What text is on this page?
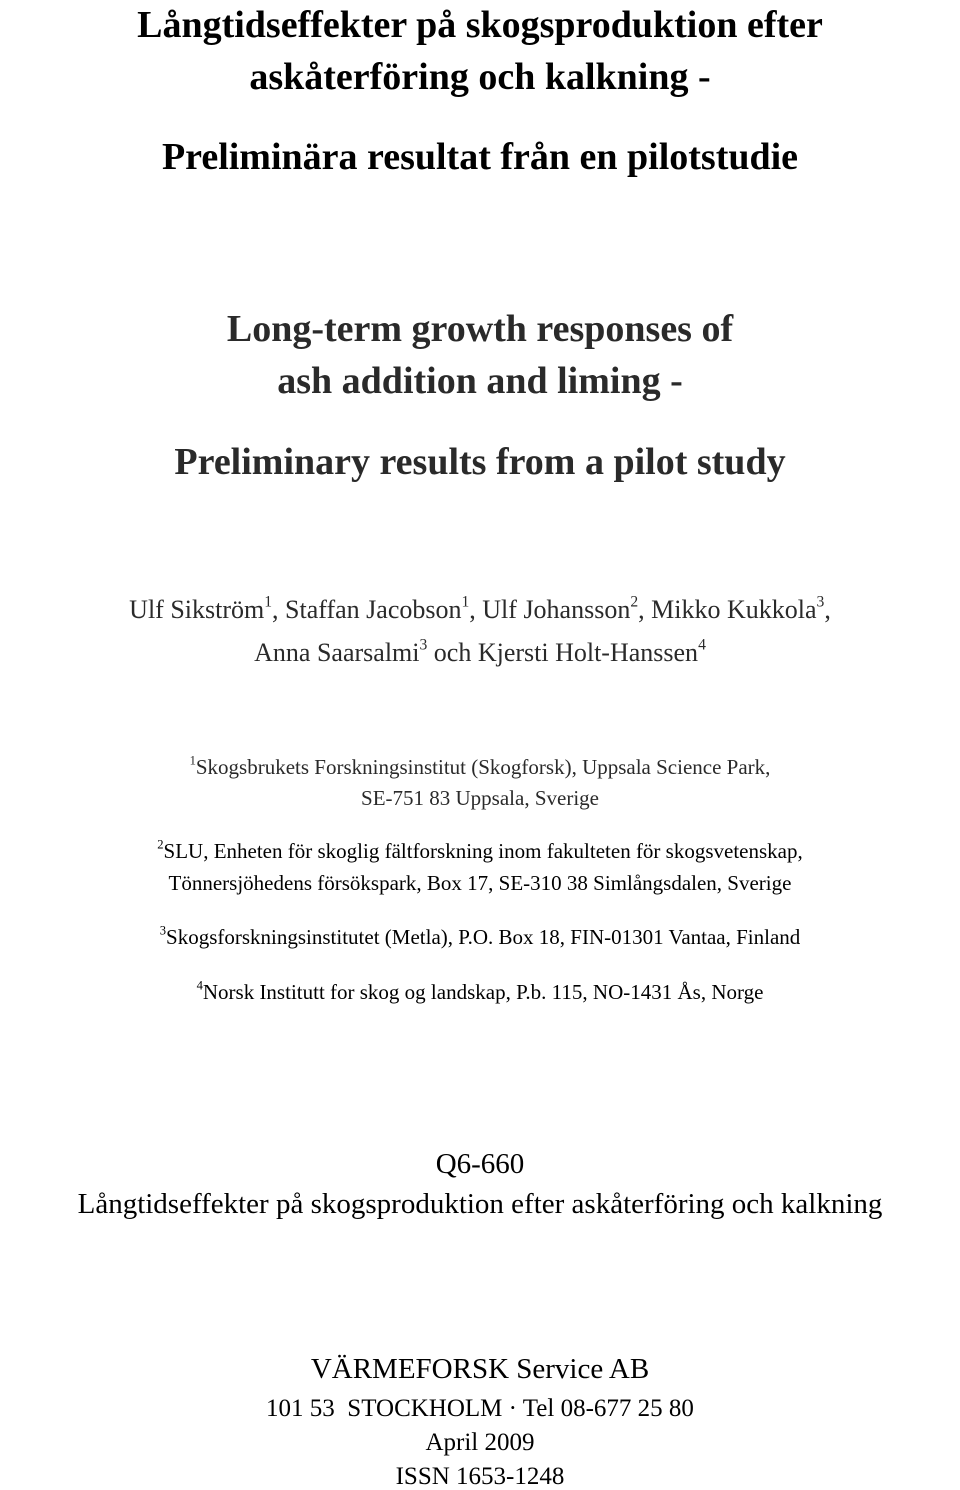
Långtidseffekter på skogsproduktion efter
askåterföring och kalkning -
Preliminära resultat från en pilotstudie
Long-term growth responses of
ash addition and liming -
Preliminary results from a pilot study
Ulf Sikström$^1$, Staffan Jacobson$^1$, Ulf Johansson$^2$, Mikko Kukkola$^3$,
Anna Saarsalmi$^3$ och Kjersti Holt-Hanssen$^4$
$^1$Skogsbrukets Forskningsinstitut (Skogforsk), Uppsala Science Park,
SE-751 83 Uppsala, Sverige
$^2$SLU, Enheten för skoglig fältforskning inom fakulteten för skogsvetenskap,
Tönnersjöhedens försökspark, Box 17, SE-310 38 Simlångsdalen, Sverige
$^3$Skogsforskningsinstitutet (Metla), P.O. Box 18, FIN-01301 Vantaa, Finland
$^4$Norsk Institutt for skog og landskap, P.b. 115, NO-1431 Ås, Norge
Q6-660
Långtidseffekter på skogsproduktion efter askåterföring och kalkning
VÄRMEFORSK Service AB
101 53  STOCKHOLM · Tel 08-677 25 80
April 2009
ISSN 1653-1248
